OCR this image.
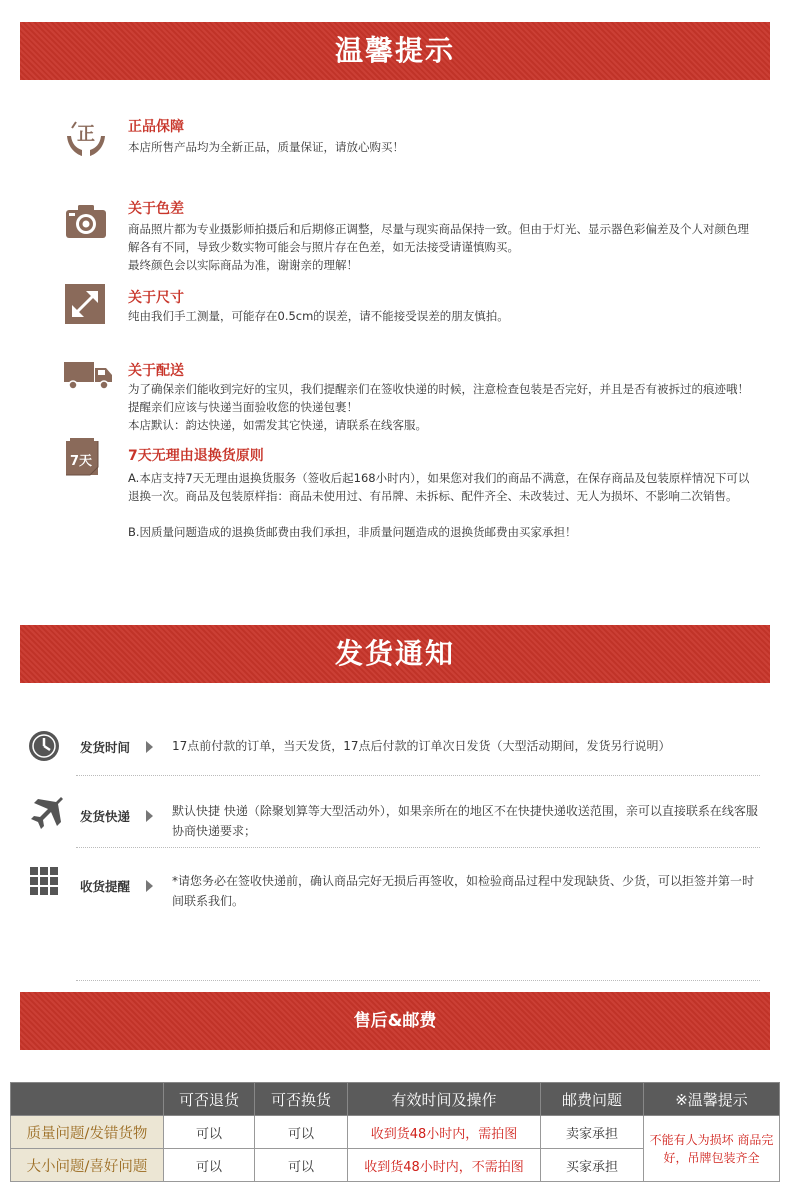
温馨提示
正 正品保障

本店所售产品均为全新正品，质量保证，请放心购买！

关于色差

商品照片都为专业摄影师拍摄后和后期修正调整，尽量与现实商品保持一致。但由于灯光、显示器色彩偏差及个人对颜色理解各有不同，导致少数实物可能会与照片存在色差，如无法接受请谨慎购买。

最终颜色会以实际商品为准，谢谢亲的理解！

关于尺寸

纯由我们手工测量，可能存在0.5cm的误差，请不能接受误差的朋友慎拍。

关于配送

为了确保亲们能收到完好的宝贝，我们提醒亲们在签收快递的时候，注意检查包装是否完好，并且是否有被拆过的痕迹哦！提醒亲们应该与快递当面验收您的快递包裹！

本店默认：韵达快递，如需发其它快递，请联系在线客服。

7天	7天无理由退换货原则

A.本店支持7天无理由退换货服务（签收后起168小时内），如果您对我们的商品不满意，在保存商品及包装原样情况下可以退换一次。商品及包装原样指：商品未使用过、有吊牌、未拆标、配件齐全、未改装过、无人为损坏、不影响二次销售。

B.因质量问题造成的退换货邮费由我们承担，非质量问题造成的退换货邮费由买家承担！

发货通知
发货时间	17点前付款的订单，当天发货，17点后付款的订单次日发货（大型活动期间，发货另行说明）
发货快递	默认快捷 快递（除聚划算等大型活动外），如果亲所在的地区不在快捷快递收送范围，亲可以直接联系在线客服协商快递要求；
收货提醒	*请您务必在签收快递前，确认商品完好无损后再签收，如检验商品过程中发现缺货、少货，可以拒签并第一时间联系我们。
售后&邮费
	可否退货	可否换货	有效时间及操作	邮费问题	※温馨提示
质量问题/发错货物	可以	可以	收到货48小时内，需拍图	卖家承担	不能有人为损坏 商品完好，吊牌包装齐全
大小问题/喜好问题	可以	可以	收到货48小时内，不需拍图	买家承担	
